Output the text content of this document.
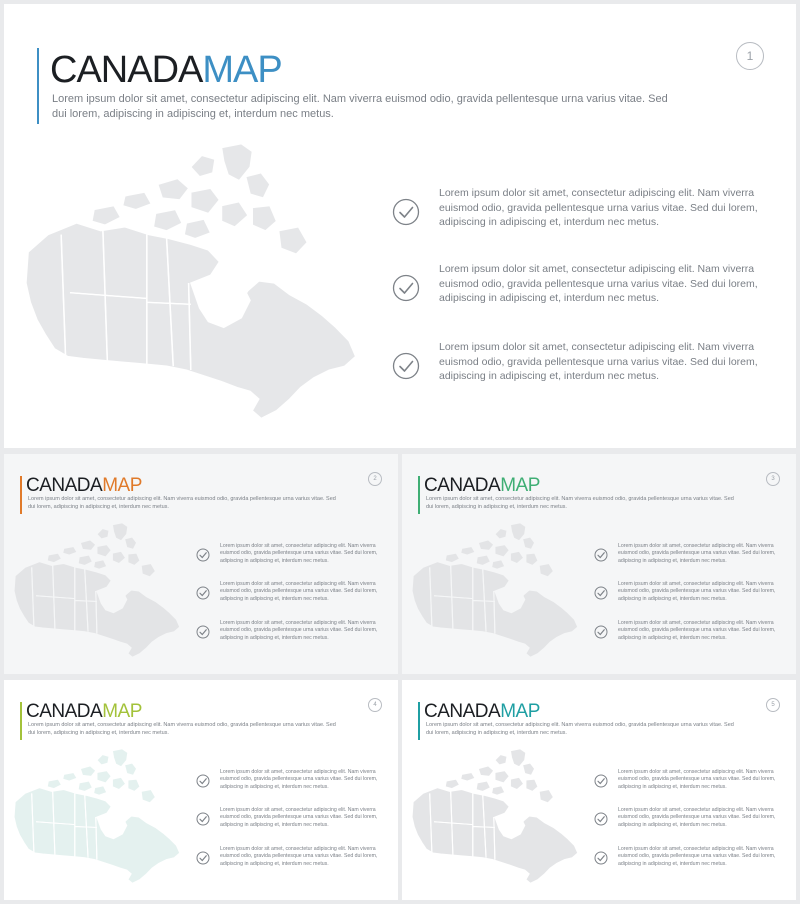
CANADAMAP	1
Lorem ipsum dolor sit amet, consectetur adipiscing elit. Nam viverra euismod odio, gravida pellentesque urna varius vitae. Sed dui lorem, adipiscing in adipiscing et, interdum nec metus.
Lorem ipsum dolor sit amet, consectetur adipiscing elit. Nam viverra euismod odio, gravida pellentesque urna varius vitae. Sed dui lorem, adipiscing in adipiscing et, interdum nec metus.
Lorem ipsum dolor sit amet, consectetur adipiscing elit. Nam viverra euismod odio, gravida pellentesque urna varius vitae. Sed dui lorem, adipiscing in adipiscing et, interdum nec metus.
Lorem ipsum dolor sit amet, consectetur adipiscing elit. Nam viverra euismod odio, gravida pellentesque urna varius vitae. Sed dui lorem, adipiscing in adipiscing et, interdum nec metus.
CANADAMAP	2
Lorem ipsum dolor sit amet, consectetur adipiscing elit. Nam viverra euismod odio, gravida pellentesque urna varius vitae. Sed dui lorem, adipiscing in adipiscing et, interdum nec metus.
Lorem ipsum dolor sit amet, consectetur adipiscing elit. Nam viverra euismod odio, gravida pellentesque urna varius vitae. Sed dui lorem, adipiscing in adipiscing et, interdum nec metus.
Lorem ipsum dolor sit amet, consectetur adipiscing elit. Nam viverra euismod odio, gravida pellentesque urna varius vitae. Sed dui lorem, adipiscing in adipiscing et, interdum nec metus.
Lorem ipsum dolor sit amet, consectetur adipiscing elit. Nam viverra euismod odio, gravida pellentesque urna varius vitae. Sed dui lorem, adipiscing in adipiscing et, interdum nec metus.
CANADAMAP	3
Lorem ipsum dolor sit amet, consectetur adipiscing elit. Nam viverra euismod odio, gravida pellentesque urna varius vitae. Sed dui lorem, adipiscing in adipiscing et, interdum nec metus.
Lorem ipsum dolor sit amet, consectetur adipiscing elit. Nam viverra euismod odio, gravida pellentesque urna varius vitae. Sed dui lorem, adipiscing in adipiscing et, interdum nec metus.
Lorem ipsum dolor sit amet, consectetur adipiscing elit. Nam viverra euismod odio, gravida pellentesque urna varius vitae. Sed dui lorem, adipiscing in adipiscing et, interdum nec metus.
Lorem ipsum dolor sit amet, consectetur adipiscing elit. Nam viverra euismod odio, gravida pellentesque urna varius vitae. Sed dui lorem, adipiscing in adipiscing et, interdum nec metus.
CANADAMAP	4
Lorem ipsum dolor sit amet, consectetur adipiscing elit. Nam viverra euismod odio, gravida pellentesque urna varius vitae. Sed dui lorem, adipiscing in adipiscing et, interdum nec metus.
Lorem ipsum dolor sit amet, consectetur adipiscing elit. Nam viverra euismod odio, gravida pellentesque urna varius vitae. Sed dui lorem, adipiscing in adipiscing et, interdum nec metus.
Lorem ipsum dolor sit amet, consectetur adipiscing elit. Nam viverra euismod odio, gravida pellentesque urna varius vitae. Sed dui lorem, adipiscing in adipiscing et, interdum nec metus.
Lorem ipsum dolor sit amet, consectetur adipiscing elit. Nam viverra euismod odio, gravida pellentesque urna varius vitae. Sed dui lorem, adipiscing in adipiscing et, interdum nec metus.
CANADAMAP	5
Lorem ipsum dolor sit amet, consectetur adipiscing elit. Nam viverra euismod odio, gravida pellentesque urna varius vitae. Sed dui lorem, adipiscing in adipiscing et, interdum nec metus.
Lorem ipsum dolor sit amet, consectetur adipiscing elit. Nam viverra euismod odio, gravida pellentesque urna varius vitae. Sed dui lorem, adipiscing in adipiscing et, interdum nec metus.
Lorem ipsum dolor sit amet, consectetur adipiscing elit. Nam viverra euismod odio, gravida pellentesque urna varius vitae. Sed dui lorem, adipiscing in adipiscing et, interdum nec metus.
Lorem ipsum dolor sit amet, consectetur adipiscing elit. Nam viverra euismod odio, gravida pellentesque urna varius vitae. Sed dui lorem, adipiscing in adipiscing et, interdum nec metus.
